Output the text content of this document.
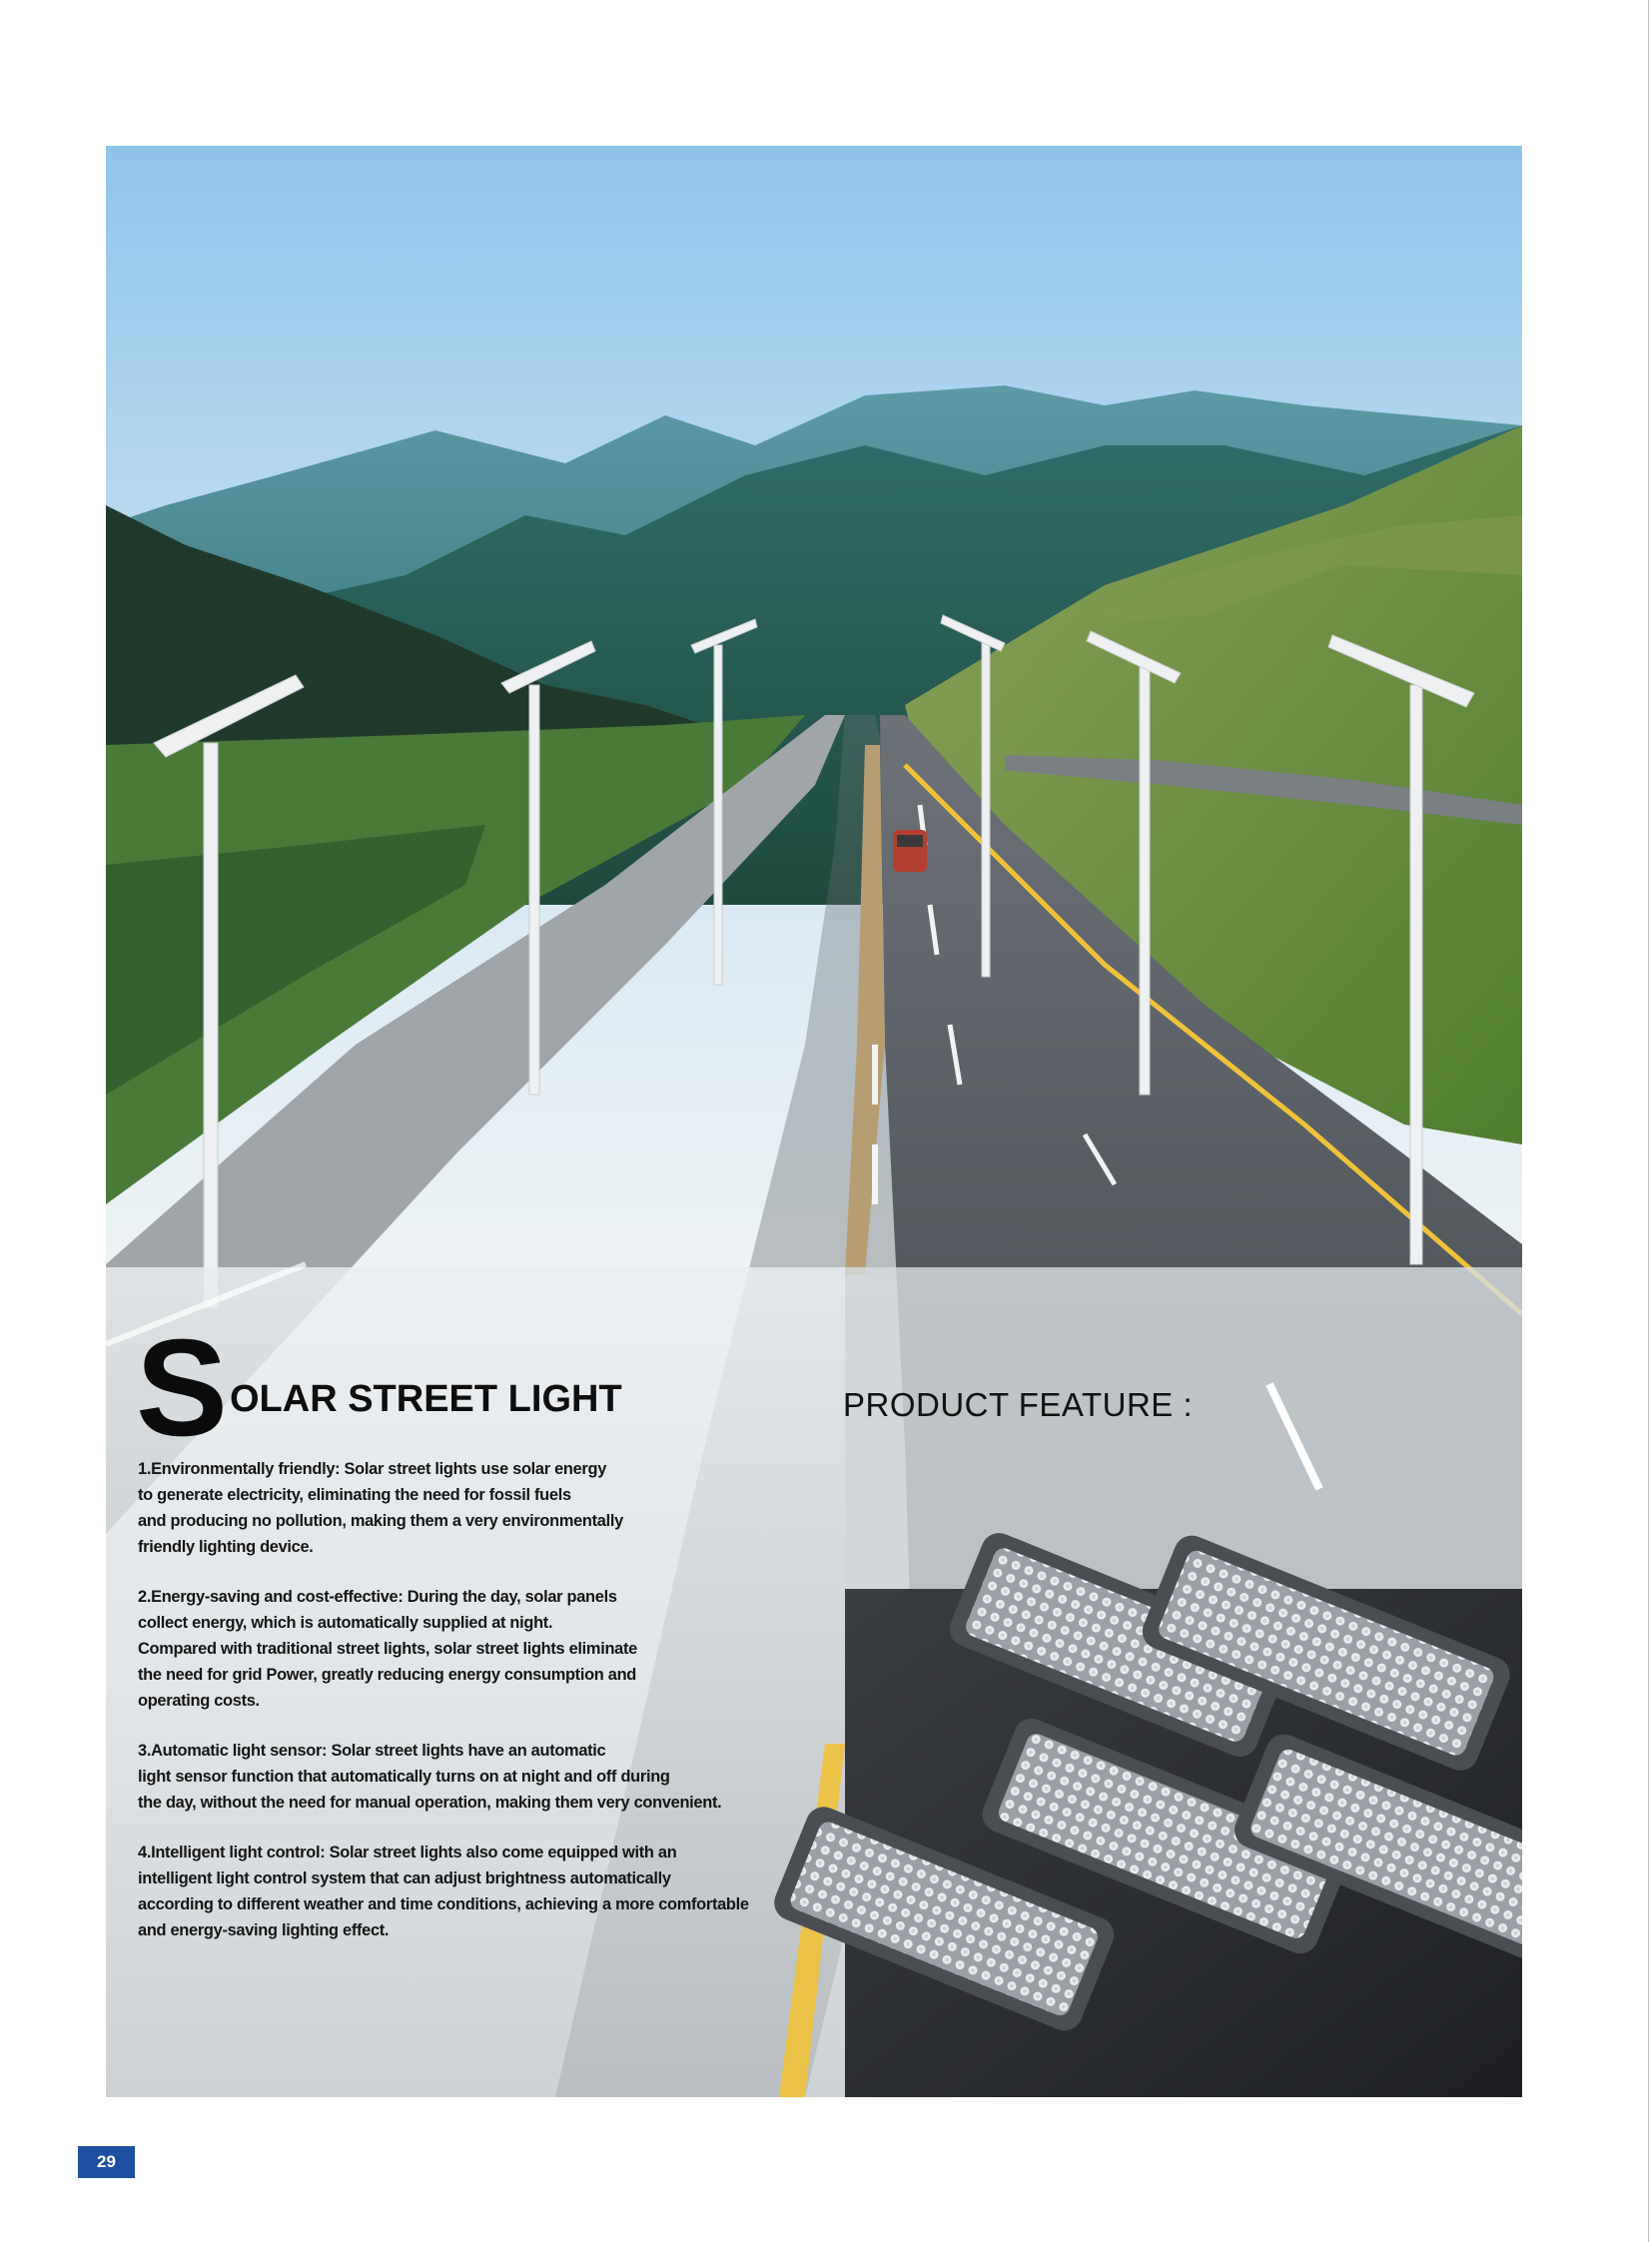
S OLAR STREET LIGHT	PRODUCT FEATURE :

1.Environmentally friendly: Solar street lights use solar energy
to generate electricity, eliminating the need for fossil fuels
and producing no pollution, making them a very environmentally
friendly lighting device.

2.Energy-saving and cost-effective: During the day, solar panels
collect energy, which is automatically supplied at night.
Compared with traditional street lights, solar street lights eliminate
the need for grid Power, greatly reducing energy consumption and
operating costs.

3.Automatic light sensor: Solar street lights have an automatic
light sensor function that automatically turns on at night and off during
the day, without the need for manual operation, making them very convenient.

4.Intelligent light control: Solar street lights also come equipped with an
intelligent light control system that can adjust brightness automatically
according to different weather and time conditions, achieving a more comfortable
and energy-saving lighting effect.

29
